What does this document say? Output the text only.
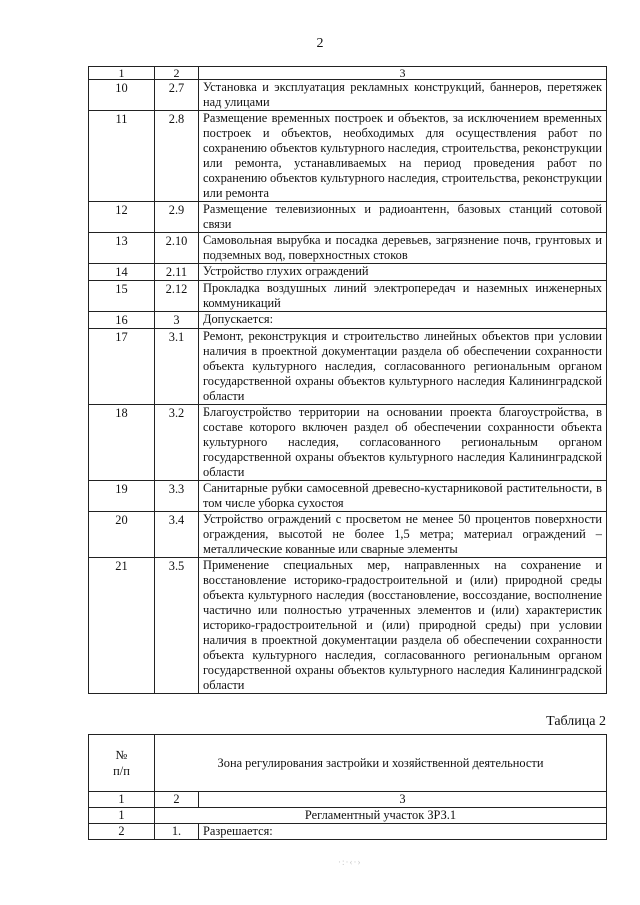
2
1	2	3
10	2.7	Установка и эксплуатация рекламных конструкций, баннеров, перетяжек над улицами
11	2.8	Размещение временных построек и объектов, за исключением временных построек и объектов, необходимых для осуществления работ по сохранению объектов культурного наследия, строительства, реконструкции или ремонта, устанавливаемых на период проведения работ по сохранению объектов культурного наследия, строительства, реконструкции или ремонта
12	2.9	Размещение телевизионных и радиоантенн, базовых станций сотовой связи
13	2.10	Самовольная вырубка и посадка деревьев, загрязнение почв, грунтовых и подземных вод, поверхностных стоков
14	2.11	Устройство глухих ограждений
15	2.12	Прокладка воздушных линий электропередач и наземных инженерных коммуникаций
16	3	Допускается:
17	3.1	Ремонт, реконструкция и строительство линейных объектов при условии наличия в проектной документации раздела об обеспечении сохранности объекта культурного наследия, согласованного региональным органом государственной охраны объектов культурного наследия Калининградской области
18	3.2	Благоустройство территории на основании проекта благоустройства, в составе которого включен раздел об обеспечении сохранности объекта культурного наследия, согласованного региональным органом государственной охраны объектов культурного наследия Калининградской области
19	3.3	Санитарные рубки самосевной древесно-кустарниковой растительности, в том числе уборка сухостоя
20	3.4	Устройство ограждений с просветом не менее 50 процентов поверхности ограждения, высотой не более 1,5 метра; материал ограждений – металлические кованные или сварные элементы
21	3.5	Применение специальных мер, направленных на сохранение и восстановление историко-градостроительной и (или) природной среды объекта культурного наследия (восстановление, воссоздание, восполнение частично или полностью утраченных элементов и (или) характеристик историко-градостроительной и (или) природной среды) при условии наличия в проектной документации раздела об обеспечении сохранности объекта культурного наследия, согласованного региональным органом государственной охраны объектов культурного наследия Калининградской области
Таблица 2
№
п/п	Зона регулирования застройки и хозяйственной деятельности	
1	2	3
1	Регламентный участок ЗРЗ.1	
2	1.	Разрешается:
·:·‹·›
